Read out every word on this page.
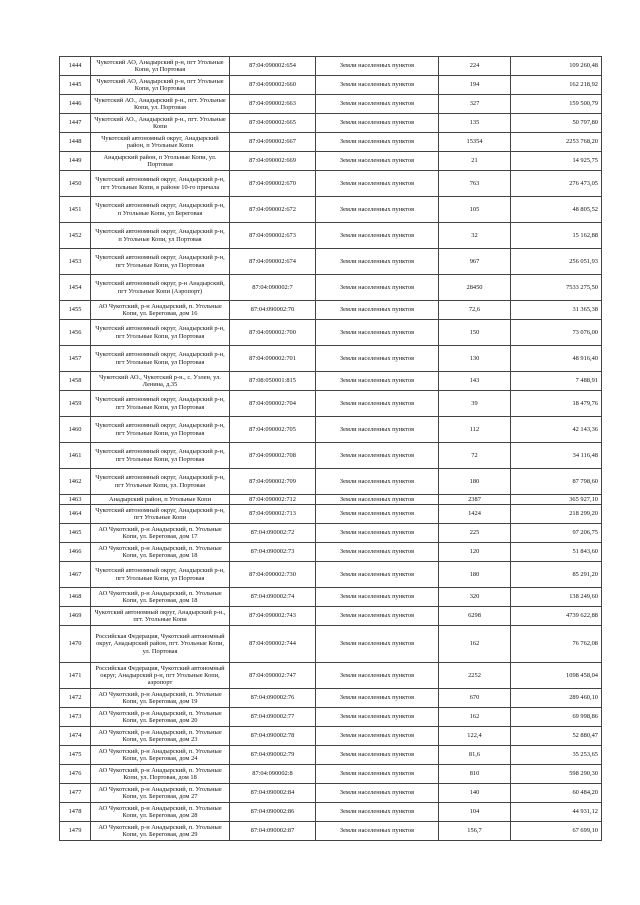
1444	Чукотский АО, Анадырский р-н, пгт Угольные Копи, ул Портовая	87:04:090002:654	Земли населенных пунктов	224	109 260,48
1445	Чукотский АО, Анадырский р-н, пгт Угольные Копи, ул Портовая	87:04:090002:660	Земли населенных пунктов	194	162 218,92
1446	Чукотский АО., Анадырский р-н., пгт. Угольные Копи, ул. Портовая	87:04:090002:663	Земли населенных пунктов	327	159 500,79
1447	Чукотский АО., Анадырский р-н., пгт. Угольные Копи	87:04:090002:665	Земли населенных пунктов	135	50 797,80
1448	Чукотский автономный округ, Анадырский район, п Угольные Копи	87:04:090002:667	Земли населенных пунктов	15354	2253 768,20
1449	Анадырский район, п Угольные Копи, ул. Портовая	87:04:090002:669	Земли населенных пунктов	21	14 925,75
1450	Чукотский автономный округ, Анадырский р-н, пгт Угольные Копи, в районе 10-го причала	87:04:090002:670	Земли населенных пунктов	763	276 473,05
1451	Чукотский автономный округ, Анадырский р-н, п Угольные Копи, ул Береговая	87:04:090002:672	Земли населенных пунктов	105	48 805,52
1452	Чукотский автономный округ, Анадырский р-н, п Угольные Копи, ул Портовая	87:04:090002:673	Земли населенных пунктов	32	15 162,88
1453	Чукотский автономный округ, Анадырский р-н, пгт Угольные Копи, ул Портовая	87:04:090002:674	Земли населенных пунктов	967	256 051,93
1454	Чукотский автономный округ, р-н Анадырский, пгт Угольные Копи (Аэропорт)	87:04:090002:7	Земли населенных пунктов	28450	7533 275,50
1455	АО Чукотский, р-н Анадырский, п. Угольные Копи, ул. Береговая, дом 16	87:04:090002:70	Земли населенных пунктов	72,6	31 365,38
1456	Чукотский автономный округ, Анадырский р-н, пгт Угольные Копи, ул Портовая	87:04:090002:700	Земли населенных пунктов	150	73 076,00
1457	Чукотский автономный округ, Анадырский р-н, пгт Угольные Копи, ул Портовая	87:04:090002:701	Земли населенных пунктов	130	48 916,40
1458	Чукотский АО., Чукотский р-н., с. Уэлен, ул. Ленина, д.35	87:08:050001:815	Земли населенных пунктов	143	7 488,91
1459	Чукотский автономный округ, Анадырский р-н, пгт Угольные Копи, ул Портовая	87:04:090002:704	Земли населенных пунктов	39	18 479,76
1460	Чукотский автономный округ, Анадырский р-н, пгт Угольные Копи, ул Портовая	87:04:090002:705	Земли населенных пунктов	112	42 143,36
1461	Чукотский автономный округ, Анадырский р-н, пгт Угольные Копи, ул Портовая	87:04:090002:708	Земли населенных пунктов	72	34 116,48
1462	Чукотский автономный округ, Анадырский р-н, пгт Угольные Копи, ул. Портовая	87:04:090002:709	Земли населенных пунктов	180	87 798,60
1463	Анадырский район, п Угольные Копи	87:04:090002:712	Земли населенных пунктов	2387	365 927,10
1464	Чукотский автономный округ, Анадырский р-н, пгт Угольные Копи	87:04:090002:713	Земли населенных пунктов	1424	218 299,20
1465	АО Чукотский, р-н Анадырский, п. Угольные Копи, ул. Береговая, дом 17	87:04:090002:72	Земли населенных пунктов	225	97 206,75
1466	АО Чукотский, р-н Анадырский, п. Угольные Копи, ул. Береговая, дом 18	87:04:090002:73	Земли населенных пунктов	120	51 843,60
1467	Чукотский автономный округ, Анадырский р-н, пгт Угольные Копи, ул Портовая	87:04:090002:730	Земли населенных пунктов	180	85 291,20
1468	АО Чукотский, р-н Анадырский, п. Угольные Копи, ул. Береговая, дом 18	87:04:090002:74	Земли населенных пунктов	320	138 249,60
1469	Чукотский автономный округ, Анадырский р-н., пгт. Угольные Копи	87:04:090002:743	Земли населенных пунктов	6298	4739 622,88
1470	Российская Федерация, Чукотский автономный округ, Анадырский район, пгт. Угольные Копи, ул. Портовая	87:04:090002:744	Земли населенных пунктов	162	76 762,08
1471	Российская Федерация, Чукотский автономный округ, Анадырский р-н, пгт Угольные Копи, аэропорт	87:04:090002:747	Земли населенных пунктов	2252	1098 458,04
1472	АО Чукотский, р-н Анадырский, п. Угольные Копи, ул. Береговая, дом 19	87:04:090002:76	Земли населенных пунктов	670	289 460,10
1473	АО Чукотский, р-н Анадырский, п. Угольные Копи, ул. Береговая, дом 20	87:04:090002:77	Земли населенных пунктов	162	69 998,86
1474	АО Чукотский, р-н Анадырский, п. Угольные Копи, ул. Береговая, дом 23	87:04:090002:78	Земли населенных пунктов	122,4	52 880,47
1475	АО Чукотский, р-н Анадырский, п. Угольные Копи, ул. Береговая, дом 24	87:04:090002:79	Земли населенных пунктов	81,6	35 253,65
1476	АО Чукотский, р-н Анадырский, п. Угольные Копи, ул. Портовая, дом 18	87:04:090002:8	Земли населенных пунктов	810	598 290,30
1477	АО Чукотский, р-н Анадырский, п. Угольные Копи, ул. Береговая, дом 27	87:04:090002:84	Земли населенных пунктов	140	60 484,20
1478	АО Чукотский, р-н Анадырский, п. Угольные Копи, ул. Береговая, дом 28	87:04:090002:86	Земли населенных пунктов	104	44 931,12
1479	АО Чукотский, р-н Анадырский, п. Угольные Копи, ул. Береговая, дом 29	87:04:090002:87	Земли населенных пунктов	156,7	67 699,10
